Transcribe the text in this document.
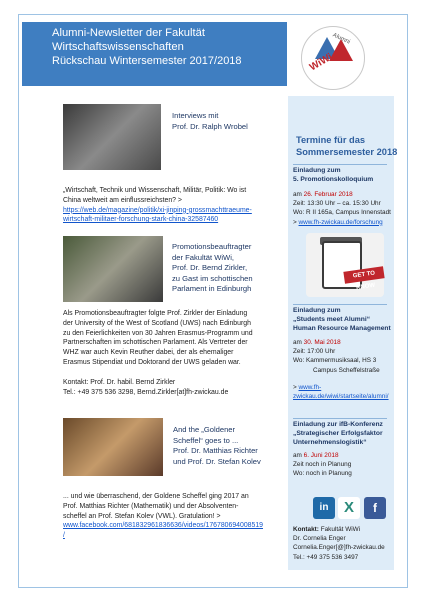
Alumni-Newsletter der Fakultät
Wirtschaftswissenschaften
Rückschau Wintersemester 2017/2018
Alumni
WiWi
Interviews mit
Prof. Dr. Ralph Wrobel
„Wirtschaft, Technik und Wissenschaft, Militär, Politik: Wo ist
China weltweit am einflussreichsten? >
https://web.de/magazine/politik/xi-jinping-grossmachttraeume-
wirtschaft-militaer-forschung-stark-china-32587460
Promotionsbeauftragter
der Fakultät WiWi,
Prof. Dr. Bernd Zirkler,
zu Gast im schottischen
Parlament in Edinburgh
Als Promotionsbeauftragter folgte Prof. Zirkler der Einladung
der University of the West of Scotland (UWS) nach Edinburgh
zu den Feierlichkeiten von 30 Jahren Erasmus-Programm und
Partnerschaften im schottischen Parlament. Als Vertreter der
WHZ war auch Kevin Reuther dabei, der als ehemaliger
Erasmus Stipendiat und Doktorand der UWS geladen war.
Kontakt: Prof. Dr. habil. Bernd Zirkler
Tel.: +49 375 536 3298, Bernd.Zirkler[at]fh-zwickau.de
And the „Goldener
Scheffel“ goes to ...
Prof. Dr. Matthias Richter
und Prof. Dr. Stefan Kolev
... und wie überraschend, der Goldene Scheffel ging 2017 an
Prof. Matthias Richter (Mathematik) und der Absolventen-
scheffel an Prof. Stefan Kolev (VWL). Gratulation! >
www.facebook.com/681832961836636/videos/1767806940085​19
/
Termine für das
Sommersemester 2018
Einladung zum
5. Promotionskolloquium
am 26. Februar 2018
Zeit: 13:30 Uhr – ca. 15:30 Uhr
Wo: R II 165a, Campus Innenstadt
> www.fh-zwickau.de/forschung
GET TO KNOW
Einladung zum
„Students meet Alumni“
Human Resource Management
am 30. Mai 2018
Zeit: 17:00 Uhr
Wo: Kammermusiksaal, HS 3
Campus Scheffelstraße
> www.fh-
zwickau.de/wiwi/startseite/alumni/
Einladung zur ifB-Konferenz
„Strategischer Erfolgsfaktor
Unternehmenslogistik“
am 6. Juni 2018
Zeit noch in Planung
Wo: noch in Planung
in	X	f
Kontakt: Fakultät WiWi
Dr. Cornelia Enger
Cornelia.Enger[@]fh-zwickau.de
Tel.: +49 375 536 3497
